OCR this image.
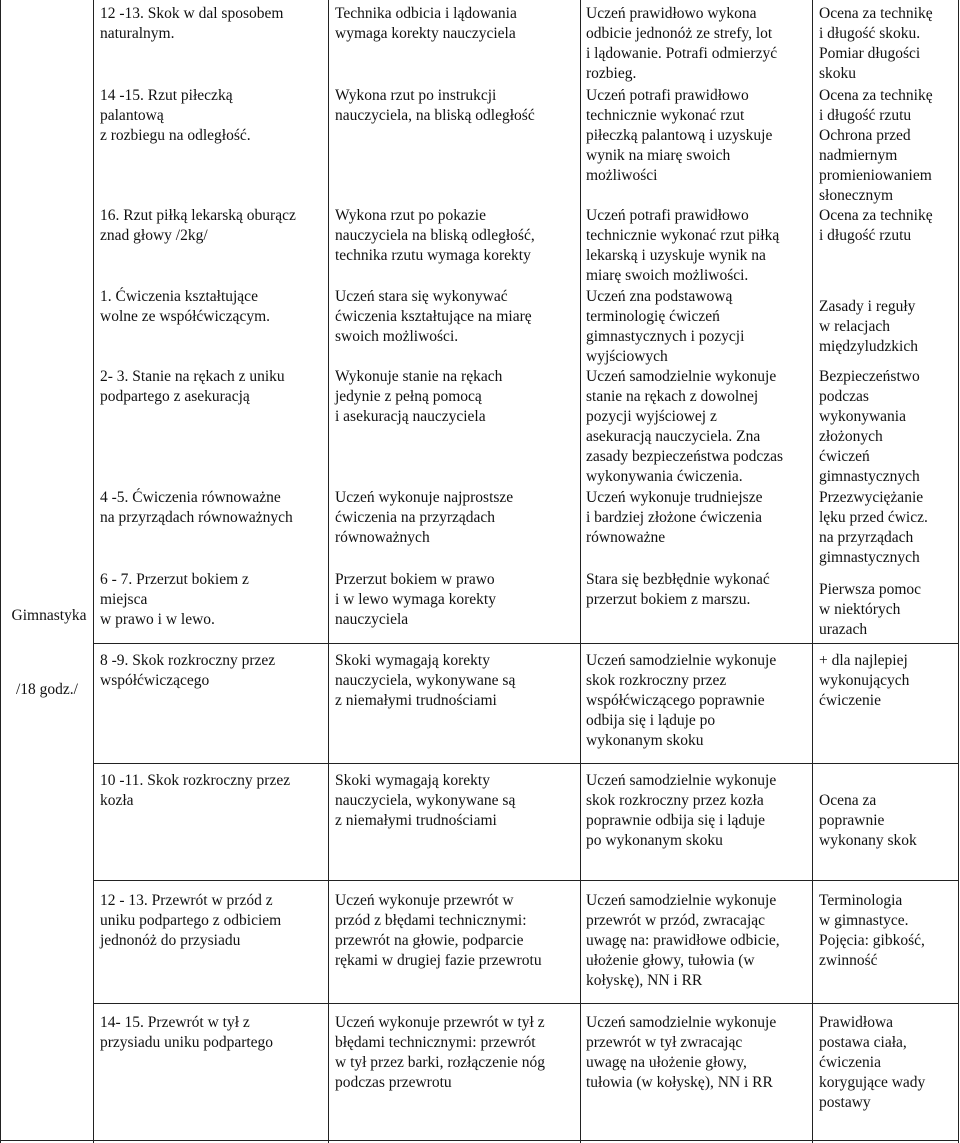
Gimnastyka
/18 godz./
12 -13. Skok w dal sposobem
naturalnym.
Technika odbicia i lądowania
wymaga korekty nauczyciela
Uczeń prawidłowo wykona
odbicie jednonóż ze strefy, lot
i lądowanie. Potrafi odmierzyć
rozbieg.
Ocena za technikę
i długość skoku.
Pomiar długości
skoku
14 -15. Rzut piłeczką
palantową
z rozbiegu na odległość.
Wykona rzut po instrukcji
nauczyciela, na bliską odległość
Uczeń potrafi prawidłowo
technicznie wykonać rzut
piłeczką palantową i uzyskuje
wynik na miarę swoich
możliwości
Ocena za technikę
i długość rzutu
Ochrona przed
nadmiernym
promieniowaniem
słonecznym
16. Rzut piłką lekarską oburącz
znad głowy /2kg/
Wykona rzut po pokazie
nauczyciela na bliską odległość,
technika rzutu wymaga korekty
Uczeń potrafi prawidłowo
technicznie wykonać rzut piłką
lekarską i uzyskuje wynik na
miarę swoich możliwości.
Ocena za technikę
i długość rzutu
1. Ćwiczenia kształtujące
wolne ze współćwiczącym.
Uczeń stara się wykonywać
ćwiczenia kształtujące na miarę
swoich możliwości.
Uczeń zna podstawową
terminologię ćwiczeń
gimnastycznych i pozycji
wyjściowych
Zasady i reguły
w relacjach
międzyludzkich
2- 3. Stanie na rękach z uniku
podpartego z asekuracją
Wykonuje stanie na rękach
jedynie z pełną pomocą
i asekuracją nauczyciela
Uczeń samodzielnie wykonuje
stanie na rękach z dowolnej
pozycji wyjściowej z
asekuracją nauczyciela. Zna
zasady bezpieczeństwa podczas
wykonywania ćwiczenia.
Bezpieczeństwo
podczas
wykonywania
złożonych
ćwiczeń
gimnastycznych
4 -5. Ćwiczenia równoważne
na przyrządach równoważnych
Uczeń wykonuje najprostsze
ćwiczenia na przyrządach
równoważnych
Uczeń wykonuje trudniejsze
i bardziej złożone ćwiczenia
równoważne
Przezwyciężanie
lęku przed ćwicz.
na przyrządach
gimnastycznych
6 - 7. Przerzut bokiem z
miejsca
w prawo i w lewo.
Przerzut bokiem w prawo
i w lewo wymaga korekty
nauczyciela
Stara się bezbłędnie wykonać
przerzut bokiem z marszu.
Pierwsza pomoc
w niektórych
urazach
8 -9. Skok rozkroczny przez
współćwiczącego
Skoki wymagają korekty
nauczyciela, wykonywane są
z niemałymi trudnościami
Uczeń samodzielnie wykonuje
skok rozkroczny przez
współćwiczącego poprawnie
odbija się i ląduje po
wykonanym skoku
+ dla najlepiej
wykonujących
ćwiczenie
10 -11. Skok rozkroczny przez
kozła
Skoki wymagają korekty
nauczyciela, wykonywane są
z niemałymi trudnościami
Uczeń samodzielnie wykonuje
skok rozkroczny przez kozła
poprawnie odbija się i ląduje
po wykonanym skoku

Ocena za
poprawnie
wykonany skok
12 - 13. Przewrót w przód z
uniku podpartego z odbiciem
jednonóż do przysiadu
Uczeń wykonuje przewrót w
przód z błędami technicznymi:
przewrót na głowie, podparcie
rękami w drugiej fazie przewrotu
Uczeń samodzielnie wykonuje
przewrót w przód, zwracając
uwagę na: prawidłowe odbicie,
ułożenie głowy, tułowia (w
kołyskę), NN i RR
Terminologia
w gimnastyce.
Pojęcia: gibkość,
zwinność
14- 15. Przewrót w tył z
przysiadu uniku podpartego
Uczeń wykonuje przewrót w tył z
błędami technicznymi: przewrót
w tył przez barki, rozłączenie nóg
podczas przewrotu
Uczeń samodzielnie wykonuje
przewrót w tył zwracając
uwagę na ułożenie głowy,
tułowia (w kołyskę), NN i RR
Prawidłowa
postawa ciała,
ćwiczenia
korygujące wady
postawy
